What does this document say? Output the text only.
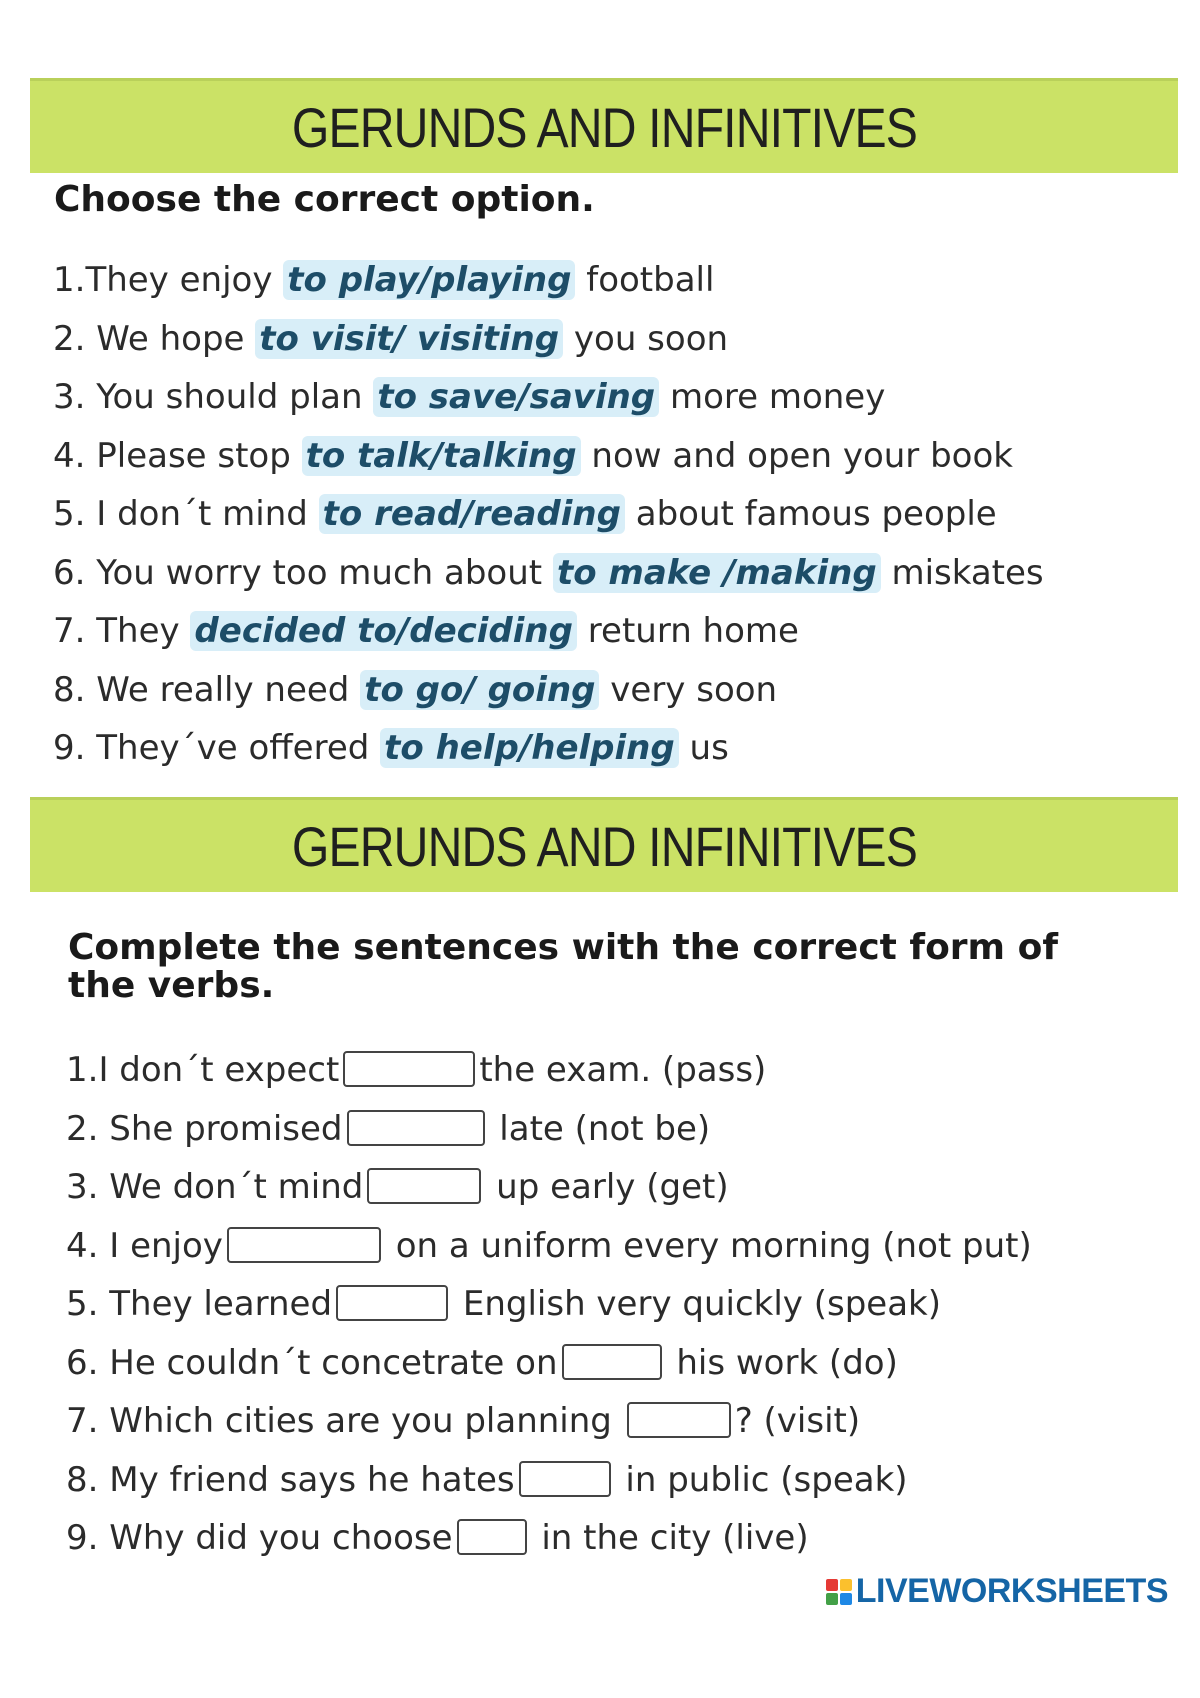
GERUNDS AND INFINITIVES
Choose the correct option.
1.They enjoy to play/playing football
2. We hope to visit/ visiting you soon
3. You should plan to save/saving more money
4. Please stop to talk/talking now and open your book
5. I don´t mind to read/reading about famous people
6. You worry too much about to make /making miskates
7. They decided to/deciding return home
8. We really need to go/ going very soon
9. They´ve offered to help/helping us
GERUNDS AND INFINITIVES
Complete the sentences with the correct form of
the verbs.
1.I don´t expect	the exam. (pass)
2. She promised	late (not be)
3. We don´t mind	up early (get)
4. I enjoy	on a uniform every morning (not put)
5. They learned	English very quickly (speak)
6. He couldn´t concetrate on	his work (do)
7. Which cities are you planning	? (visit)
8. My friend says he hates	in public (speak)
9. Why did you choose in the city (live)
LIVEWORKSHEETS
